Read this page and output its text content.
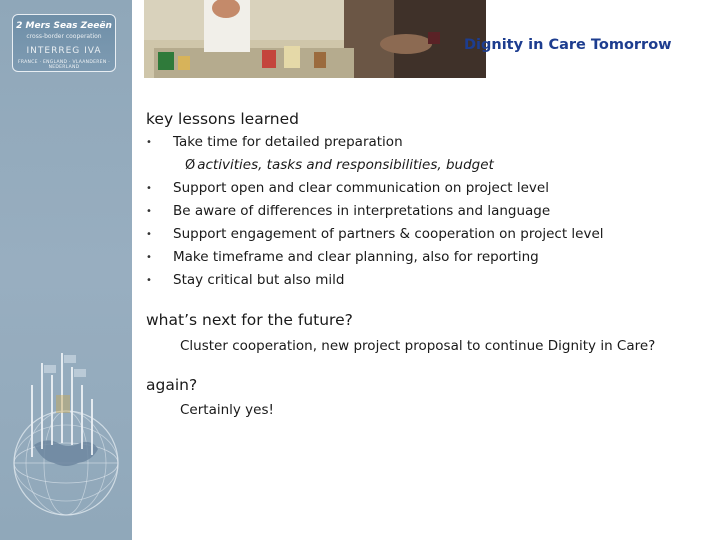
2 Mers Seas Zeeën
cross-border cooperation
INTERREG IVA
FRANCE · ENGLAND · VLAANDEREN · NEDERLAND
Dignity in Care Tomorrow
key lessons learned
• Take time for detailed preparation
Ø activities, tasks and responsibilities, budget
• Support open and clear communication on project level
• Be aware of differences in interpretations and language
• Support engagement of partners & cooperation on project level
• Make timeframe and clear planning, also for reporting
• Stay critical but also mild
what’s next for the future?
Cluster cooperation, new project proposal to continue Dignity in Care?
again?
Certainly yes!
